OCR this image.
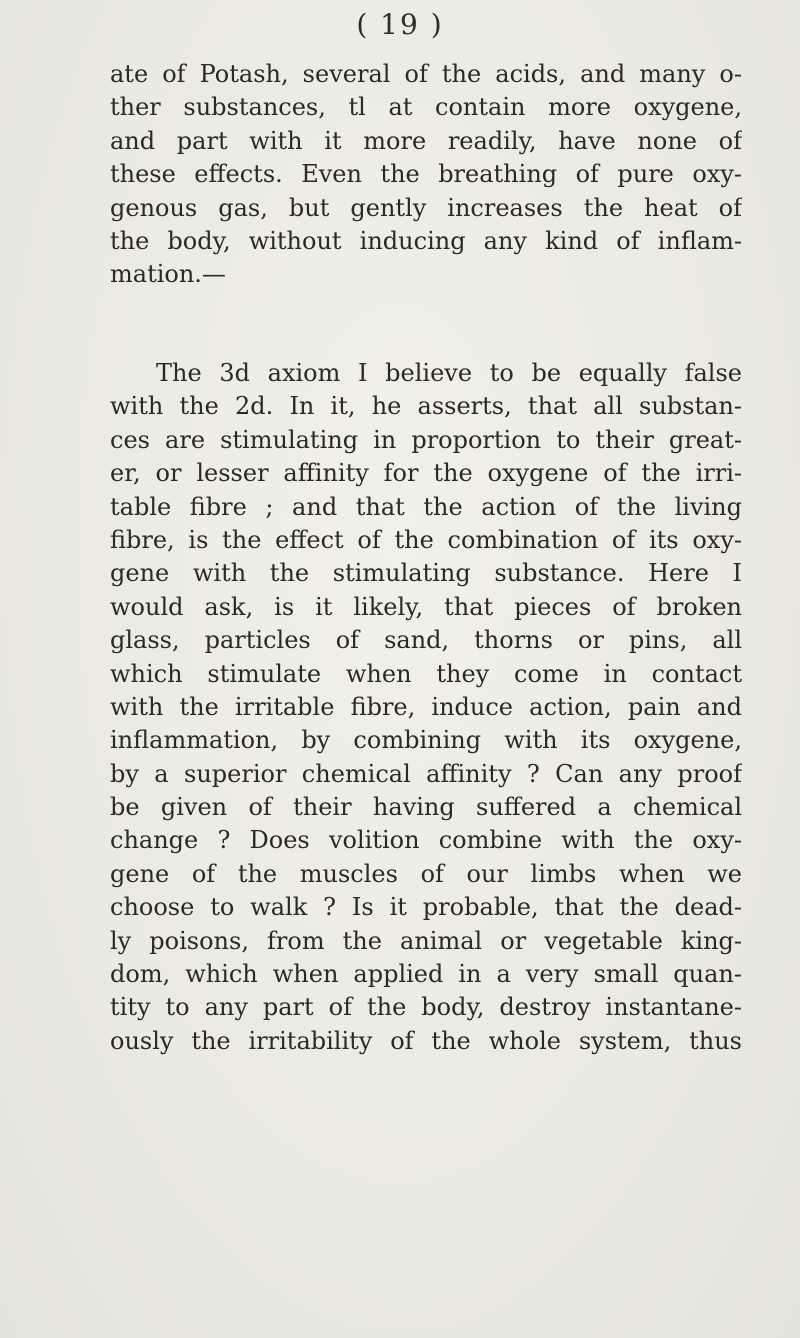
( 19 )
ate of Potash, several of the acids, and many o-
ther substances, tl at contain more oxygene,
and part with it more readily, have none of
these effects. Even the breathing of pure oxy-
genous gas, but gently increases the heat of
the body, without inducing any kind of inflam-
mation.—
The 3d axiom I believe to be equally false
with the 2d. In it, he asserts, that all substan-
ces are stimulating in proportion to their great-
er, or lesser affinity for the oxygene of the irri-
table fibre ; and that the action of the living
fibre, is the effect of the combination of its oxy-
gene with the stimulating substance. Here I
would ask, is it likely, that pieces of broken
glass, particles of sand, thorns or pins, all
which stimulate when they come in contact
with the irritable fibre, induce action, pain and
inflammation, by combining with its oxygene,
by a superior chemical affinity ? Can any proof
be given of their having suffered a chemical
change ? Does volition combine with the oxy-
gene of the muscles of our limbs when we
choose to walk ? Is it probable, that the dead-
ly poisons, from the animal or vegetable king-
dom, which when applied in a very small quan-
tity to any part of the body, destroy instantane-
ously the irritability of the whole system, thus
